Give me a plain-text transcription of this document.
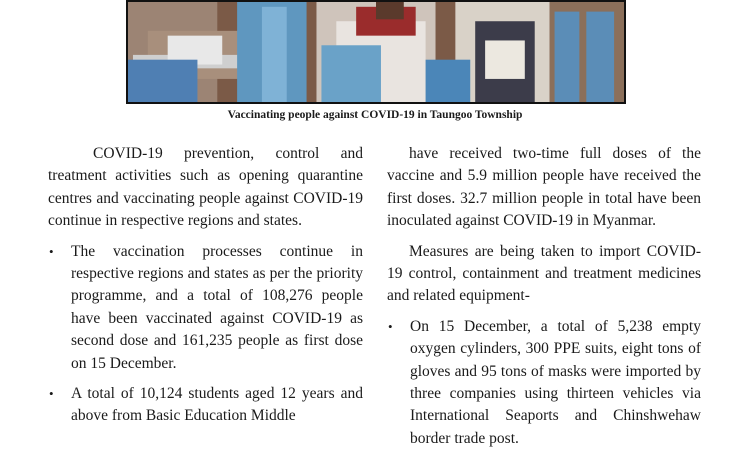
Vaccinating people against COVID-19 in Taungoo Township

COVID-19 prevention, control and treatment activities such as opening quarantine centres and vaccinating people against COVID-19 continue in respective regions and states.

• The vaccination processes continue in respective regions and states as per the priority programme, and a total of 108,276 people have been vaccinated against COVID-19 as second dose and 161,235 people as first dose on 15 December.
• A total of 10,124 students aged 12 years and above from Basic Education Middle

have received two-time full doses of the vaccine and 5.9 million people have received the first doses. 32.7 million people in total have been inoculated against COVID-19 in Myanmar.

Measures are being taken to import COVID-19 control, containment and treatment medicines and related equipment-

• On 15 December, a total of 5,238 empty oxygen cylinders, 300 PPE suits, eight tons of gloves and 95 tons of masks were imported by three companies using thirteen vehicles via International Seaports and Chinshwehaw border trade post.
